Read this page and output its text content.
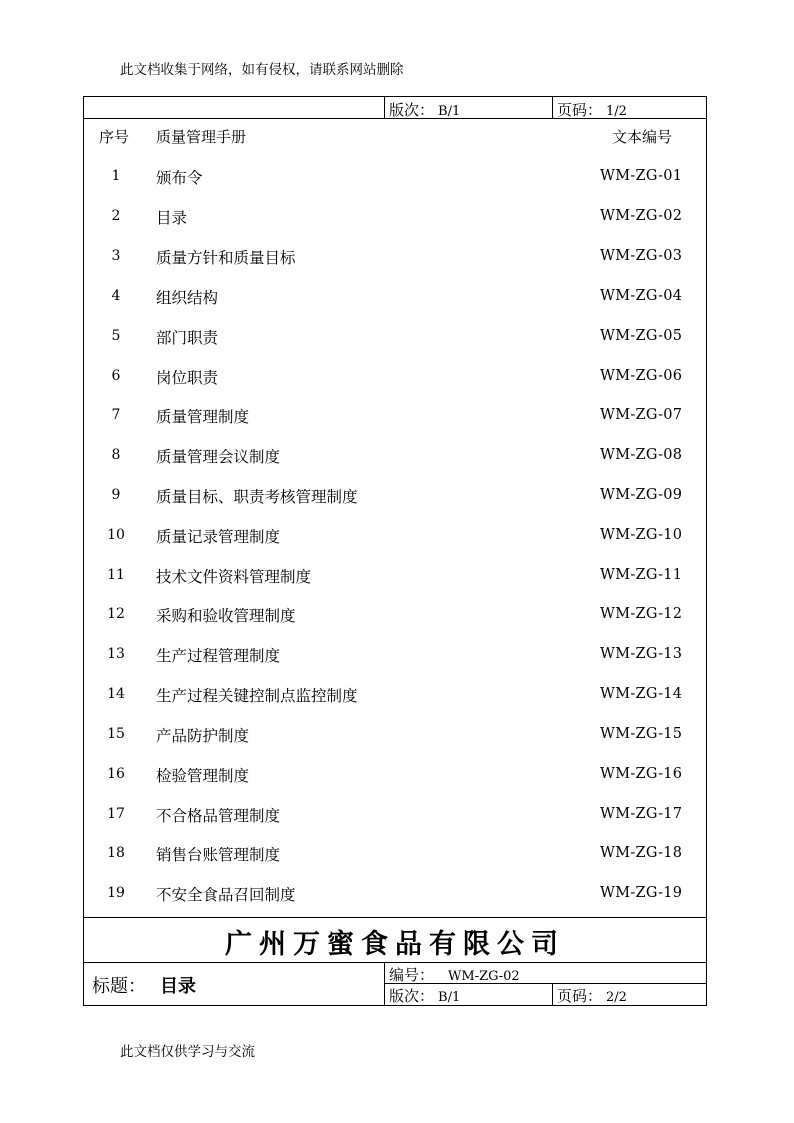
此文档收集于网络，如有侵权，请联系网站删除
版次： B/1	页码： 1/2
序号 质量管理手册	文本编号
1	颁布令	WM-ZG-01
2	目录	WM-ZG-02
3	质量方针和质量目标	WM-ZG-03
4	组织结构	WM-ZG-04
5	部门职责	WM-ZG-05
6	岗位职责	WM-ZG-06
7	质量管理制度	WM-ZG-07
8	质量管理会议制度	WM-ZG-08
9	质量目标、职责考核管理制度	WM-ZG-09
10	质量记录管理制度	WM-ZG-10
11	技术文件资料管理制度	WM-ZG-11
12	采购和验收管理制度	WM-ZG-12
13	生产过程管理制度	WM-ZG-13
14	生产过程关键控制点监控制度	WM-ZG-14
15	产品防护制度	WM-ZG-15
16	检验管理制度	WM-ZG-16
17	不合格品管理制度	WM-ZG-17
18	销售台账管理制度	WM-ZG-18
19	不安全食品召回制度	WM-ZG-19
广州万蜜食品有限公司
标题： 目录
编号： WM-ZG-02
版次： B/1	页码： 2/2
此文档仅供学习与交流
